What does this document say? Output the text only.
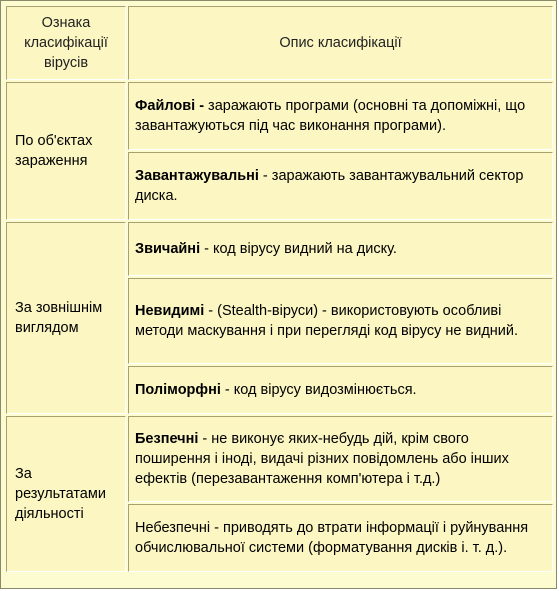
Ознака класифікації вірусів	Опис класифікації
По об'єктах зараження	Файлові - заражають програми (основні та допоміжні, що завантажуються під час виконання програми).
	Завантажувальні - заражають завантажувальний сектор диска.
За зовнішнім виглядом	Звичайні - код вірусу видний на диску.
	Невидимі - (Stealth-віруси) - використовують особливі методи маскування і при перегляді код вірусу не видний.
	Поліморфні - код вірусу видозмінюється.
За результатами діяльності	Безпечні - не виконує яких-небудь дій, крім свого поширення і іноді, видачі різних повідомлень або інших ефектів (перезавантаження комп'ютера і т.д.)
	Небезпечні - приводять до втрати інформації і руйнування обчислювальної системи (форматування дисків і. т. д.).
